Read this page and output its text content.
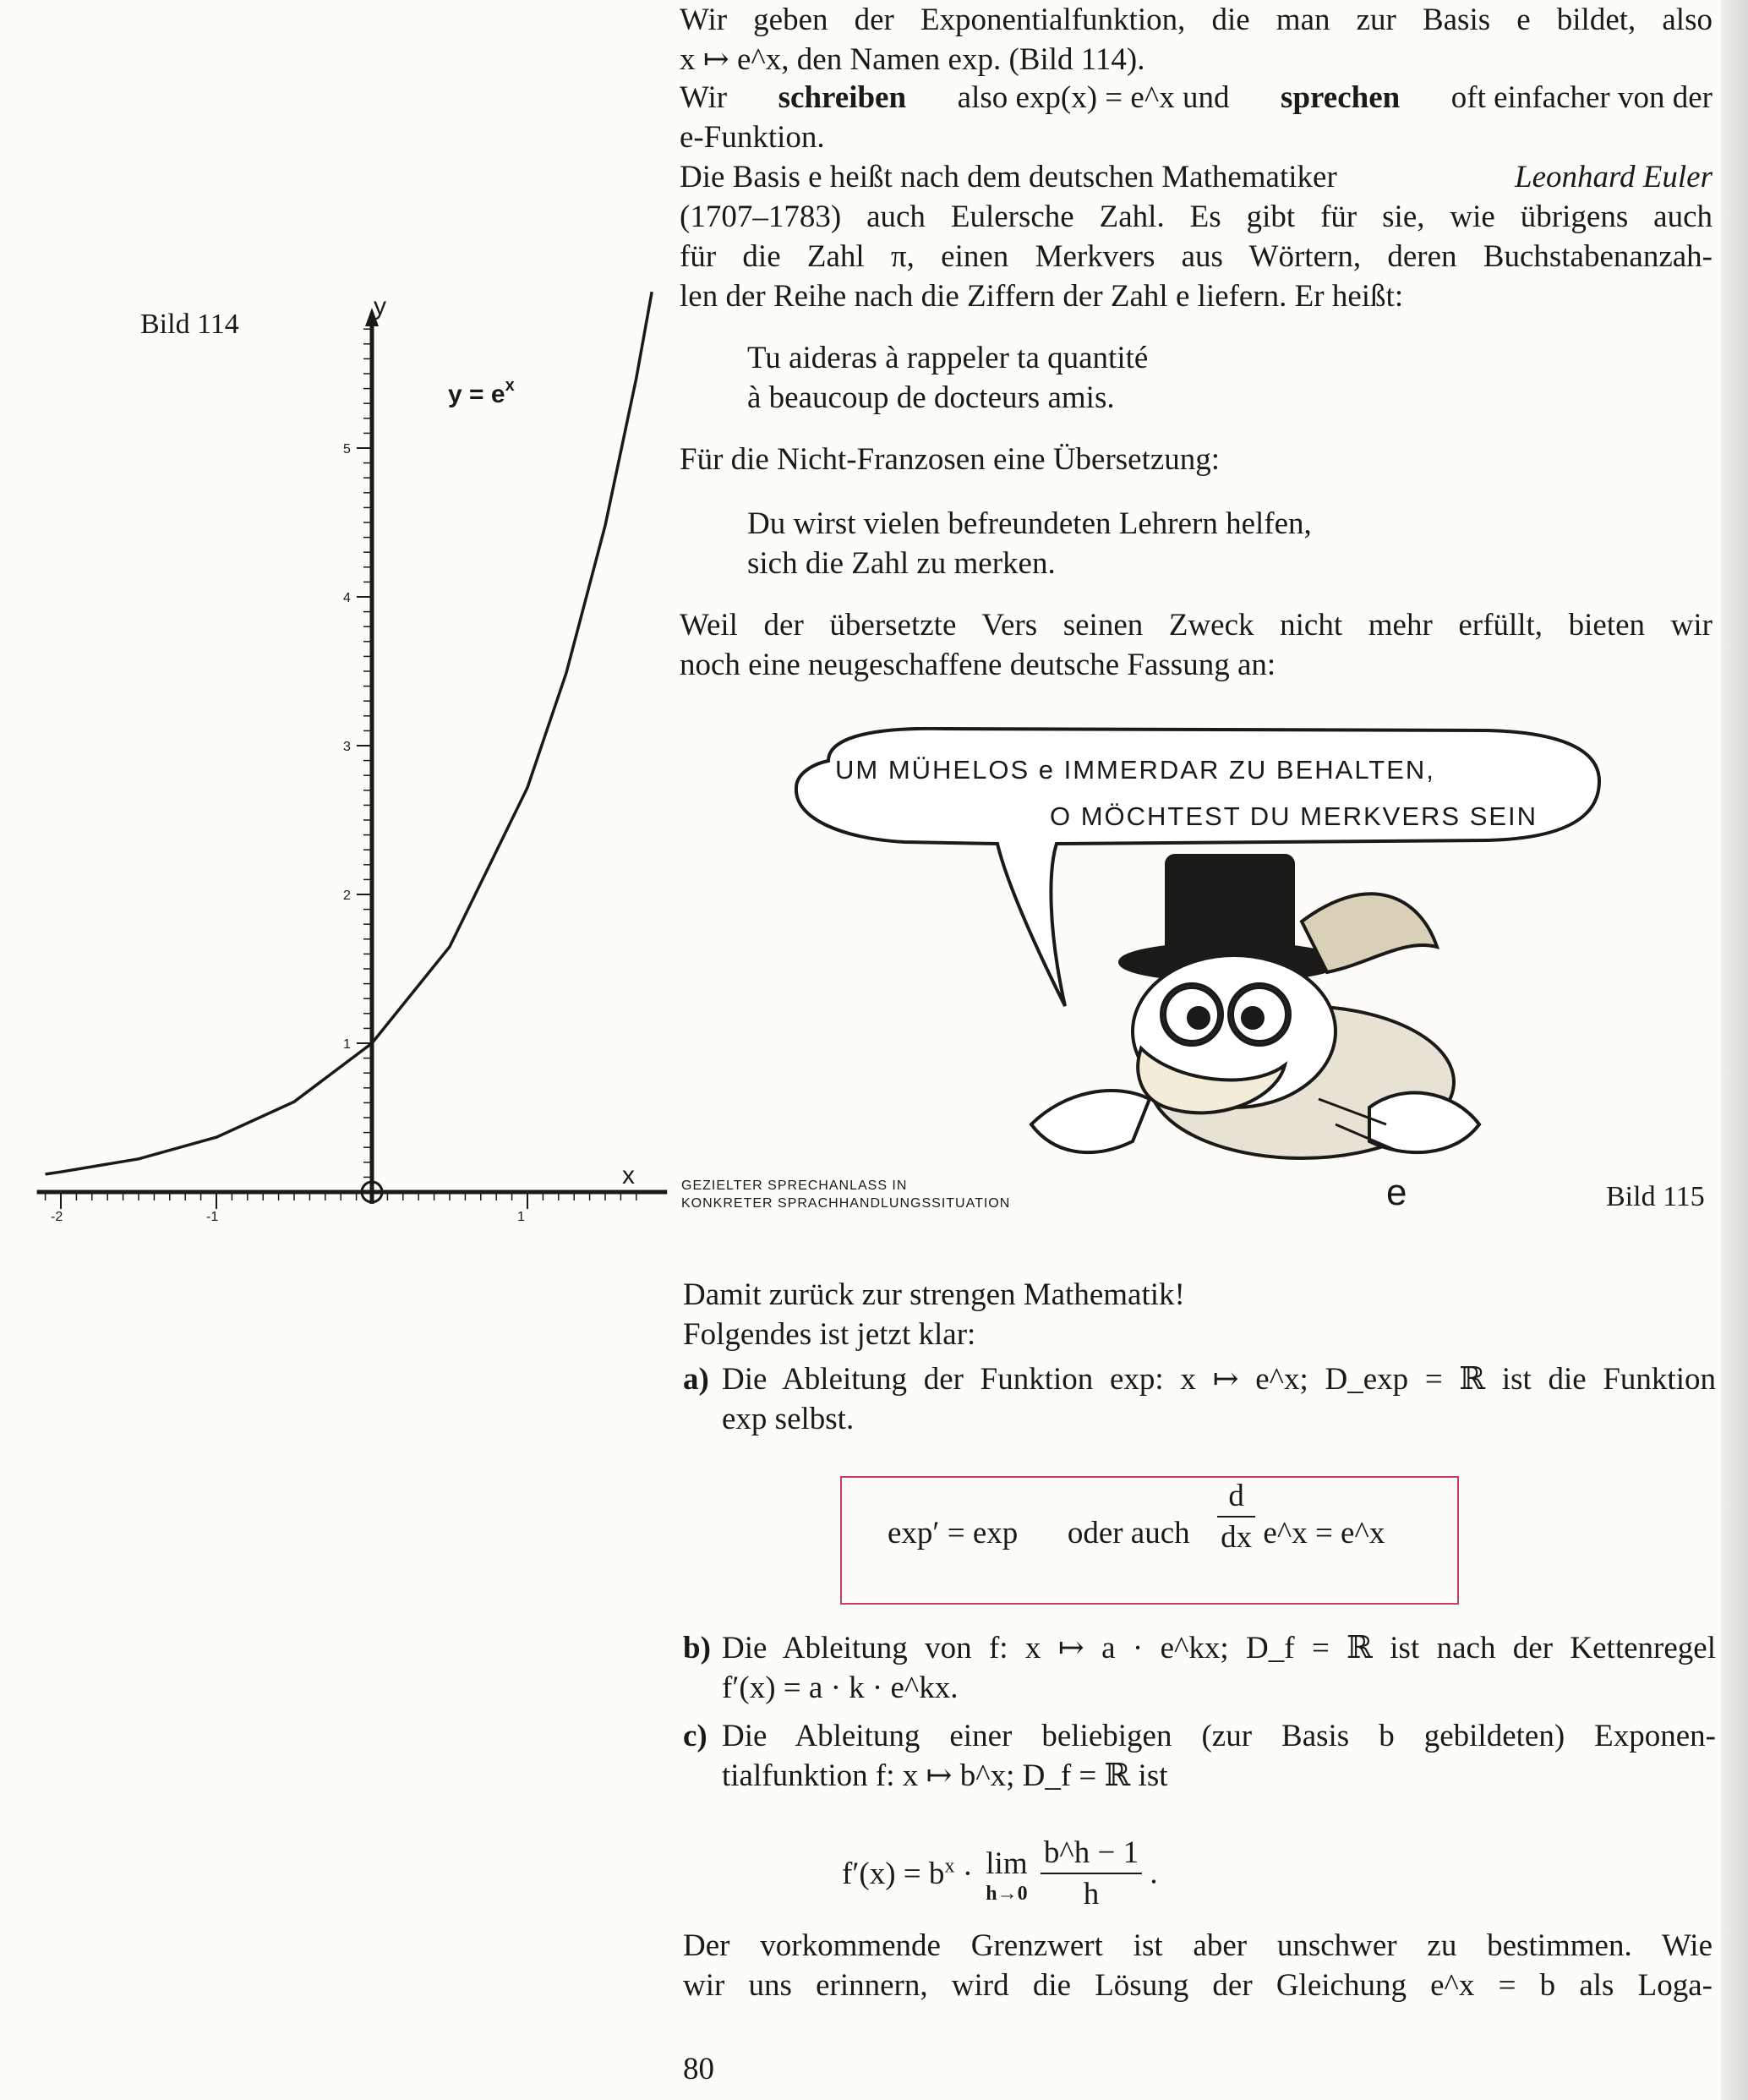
Wir geben der Exponentialfunktion, die man zur Basis e bildet, also
x ↦ e^x, den Namen exp. (Bild 114).
Wir schreiben also exp(x) = e^x und sprechen oft einfacher von der
e-Funktion.
Die Basis e heißt nach dem deutschen Mathematiker	Leonhard Euler
(1707–1783) auch Eulersche Zahl. Es gibt für sie, wie übrigens auch
für die Zahl π, einen Merkvers aus Wörtern, deren Buchstabenanzah-
len der Reihe nach die Ziffern der Zahl e liefern. Er heißt:
Tu aideras à rappeler ta quantité
à beaucoup de docteurs amis.
Für die Nicht-Franzosen eine Übersetzung:
Du wirst vielen befreundeten Lehrern helfen,
sich die Zahl zu merken.
Weil der übersetzte Vers seinen Zweck nicht mehr erfüllt, bieten wir
noch eine neugeschaffene deutsche Fassung an:
Bild 114
1
2
3
4
5
-2	-1	1
$y = e^x$
y
x
UM MÜHELOS e IMMERDAR ZU BEHALTEN,
O MÖCHTEST DU MERKVERS SEIN
GEZIELTER SPRECHANLASS IN
KONKRETER SPRACHHANDLUNGSSITUATION	e	Bild 115
Damit zurück zur strengen Mathematik!
Folgendes ist jetzt klar:
a) Die Ableitung der Funktion exp: x ↦ e^x; D_exp = ℝ ist die Funktion
exp selbst.
exp′ = exp oder auch $\frac{d}{dx}$ e^x = e^x
b) Die Ableitung von f: x ↦ a · e^kx; D_f = ℝ ist nach der Kettenregel
f′(x) = a · k · e^kx.
c) Die Ableitung einer beliebigen (zur Basis b gebildeten) Exponen-
tialfunktion f: x ↦ b^x; D_f = ℝ ist
$f'(x) = b^x \cdot \lim$
h→0
$\frac{b\^{}h - 1}{h}$ .
Der vorkommende Grenzwert ist aber unschwer zu bestimmen. Wie
wir uns erinnern, wird die Lösung der Gleichung e^x = b als Loga-
80
